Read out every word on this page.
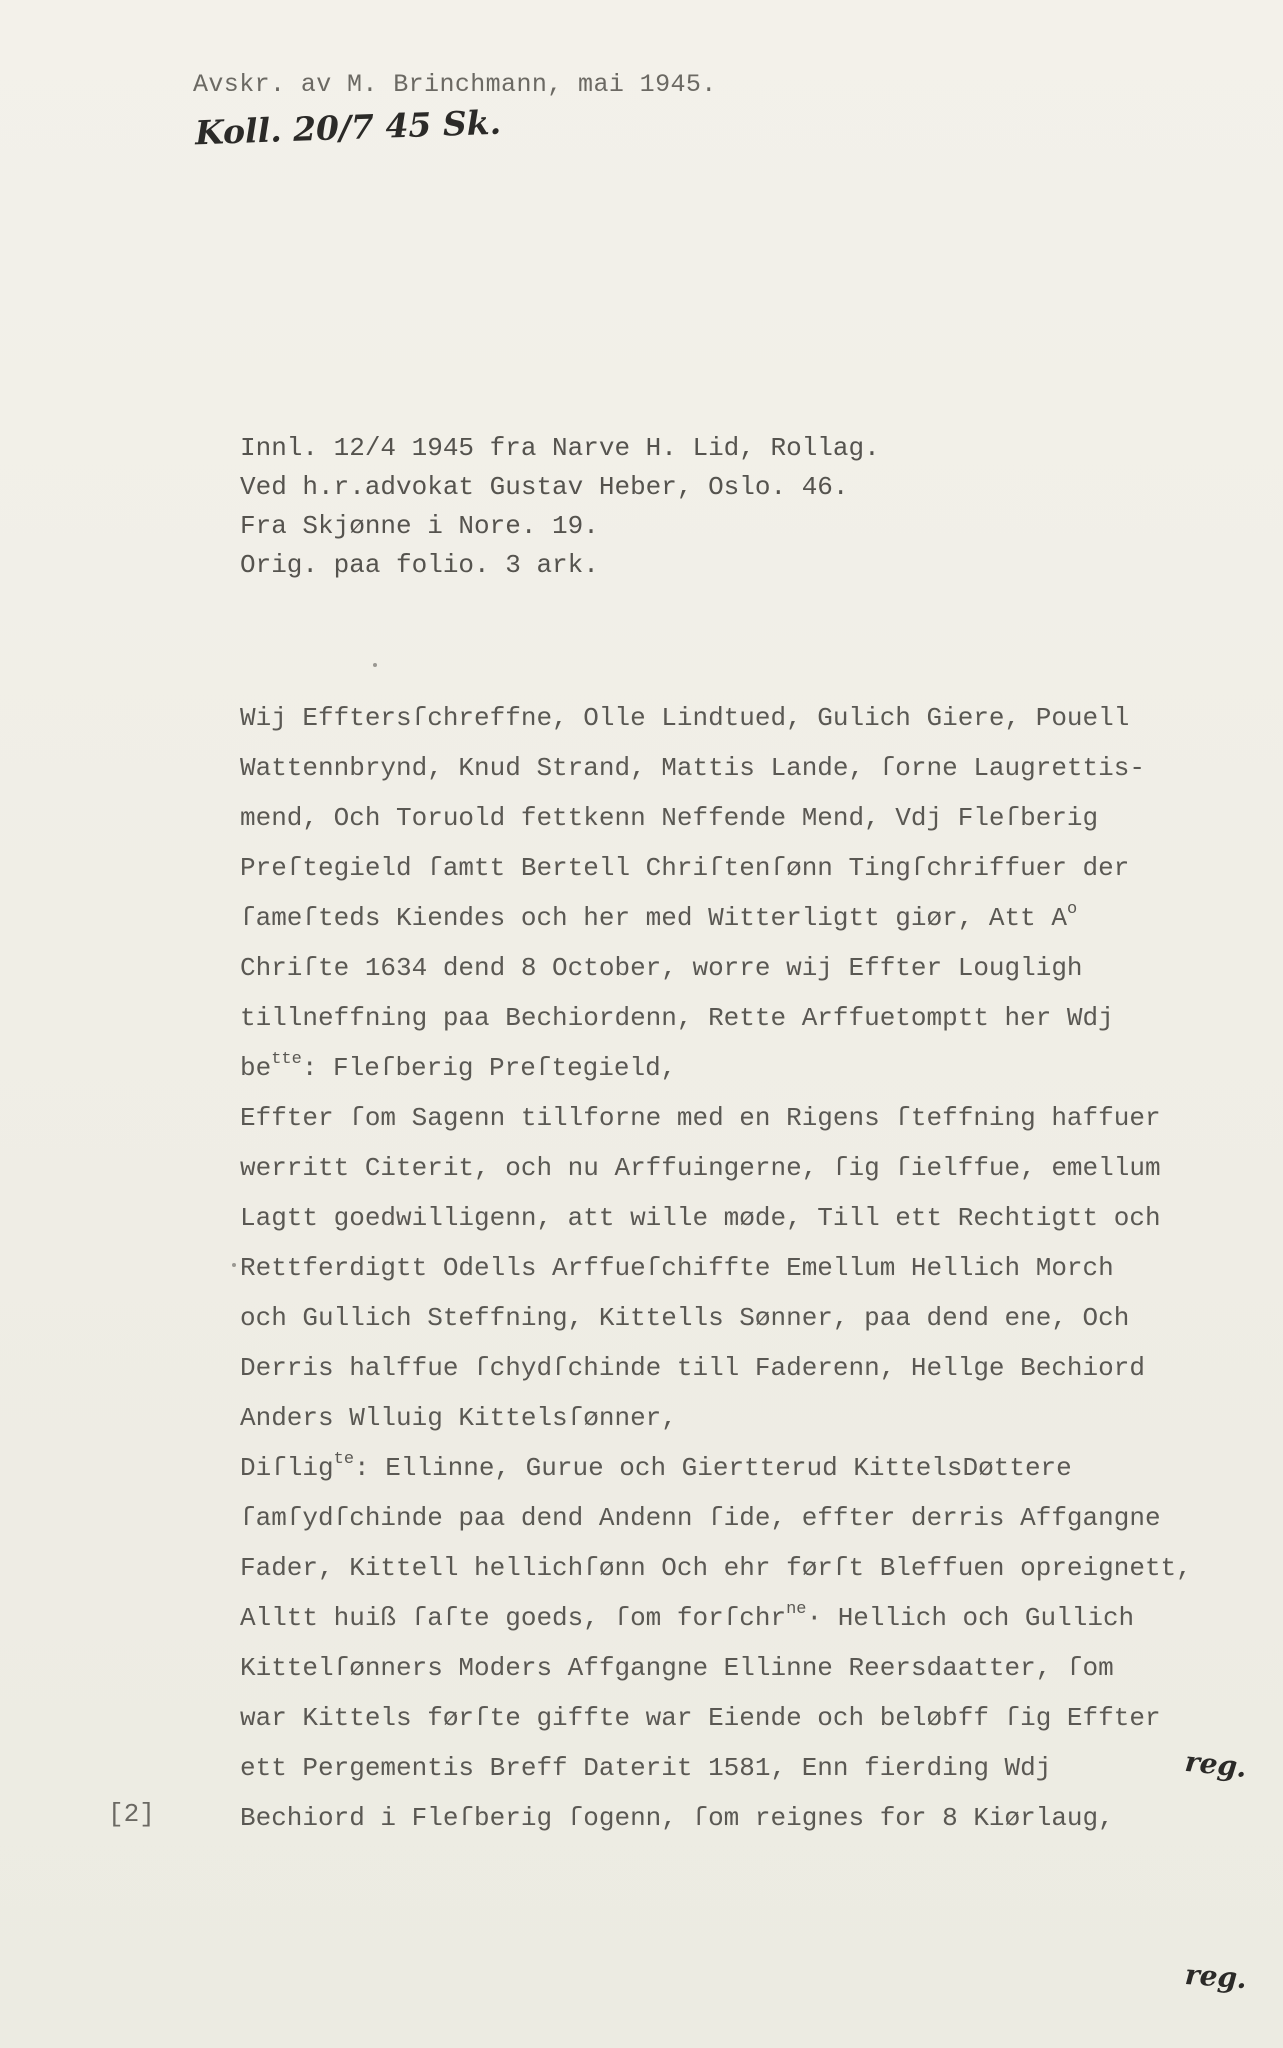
Avskr. av M. Brinchmann, mai 1945.
Koll. 20/7 45 Sk.
Innl. 12/4 1945 fra Narve H. Lid, Rollag.
Ved h.r.advokat Gustav Heber, Oslo. 46.
Fra Skjønne i Nore. 19.
Orig. paa folio. 3 ark.
Wij Efftersſchreffne, Olle Lindtued, Gulich Giere, Pouell
Wattennbrynd, Knud Strand, Mattis Lande, ſorne Laugrettis-
mend, Och Toruold fettkenn Neffende Mend, Vdj Fleſberig
Preſtegield ſamtt Bertell Chriſtenſønn Tingſchriffuer der
ſameſteds Kiendes och her med Witterligtt giør, Att $A^o$
Chriſte 1634 dend 8 October, worre wij Effter Lougligh
tillneffning paa Bechiordenn, Rette Arffuetomptt her Wdj
$be^{tte}$: Fleſberig Preſtegield,
Effter ſom Sagenn tillforne med en Rigens ſteffning haffuer
werritt Citerit, och nu Arffuingerne, ſig ſielffue, emellum
Lagtt goedwilligenn, att wille møde, Till ett Rechtigtt och
Rettferdigtt Odells Arffueſchiffte Emellum Hellich Morch
och Gullich Steffning, Kittells Sønner, paa dend ene, Och
Derris halffue ſchydſchinde till Faderenn, Hellge Bechiord
Anders Wlluig Kittelsſønner,
Diſlig$^{te}$: Ellinne, Gurue och Giertterud KittelsDøttere
ſamſydſchinde paa dend Andenn ſide, effter derris Affgangne
Fader, Kittell hellichſønn Och ehr førſt Bleffuen opreignett,
Alltt huiß ſaſte goeds, ſom forſchr$^{ne}$· Hellich och Gullich
Kittelſønners Moders Affgangne Ellinne Reersdaatter, ſom
war Kittels førſte giffte war Eiende och beløbff ſig Effter
ett Pergementis Breff Daterit 1581, Enn fierding Wdj
Bechiord i Fleſberig ſogenn, ſom reignes for 8 Kiørlaug,
[2]
reg.
reg.
